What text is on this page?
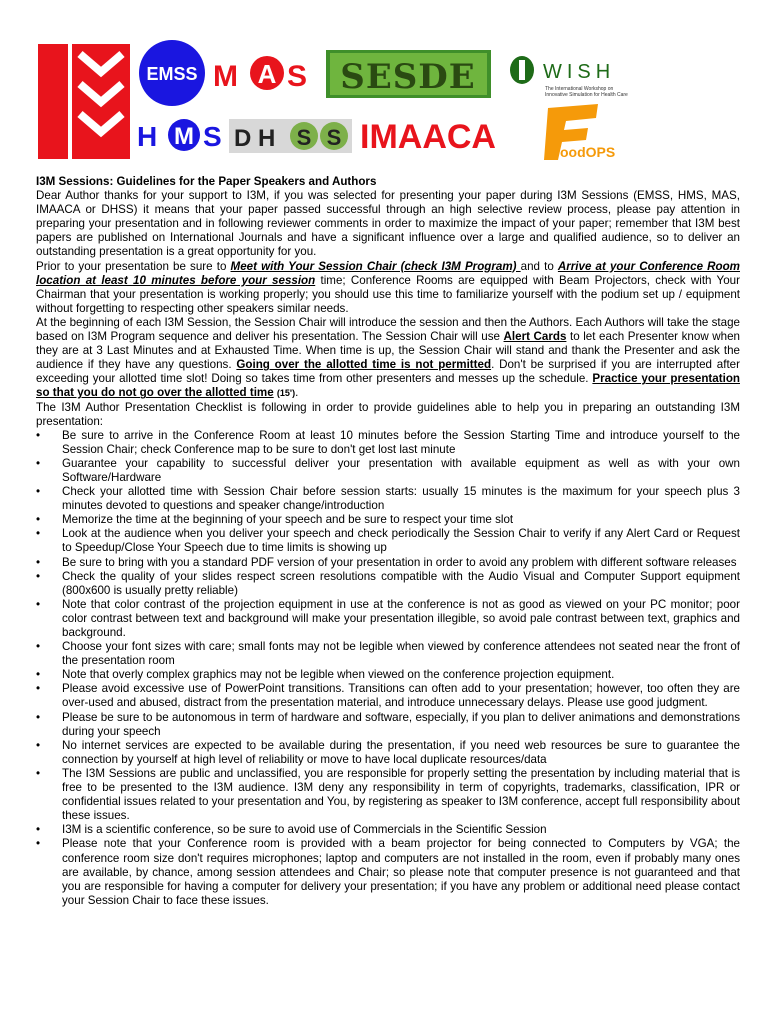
EMSS M A S SESDE	WISH
The International Workshop on
Innovative Simulation for Health Care
H M S D H S S IMAACA	oodOPS

I3M Sessions: Guidelines for the Paper Speakers and Authors

Dear Author thanks for your support to I3M, if you was selected for presenting your paper during I3M Sessions (EMSS, HMS, MAS, IMAACA or DHSS) it means that your paper passed successful through an high selective review process, please pay attention in preparing your presentation and in following reviewer comments in order to maximize the impact of your paper; remember that I3M best papers are published on International Journals and have a significant influence over a large and qualified audience, so to deliver an outstanding presentation is a great opportunity for you.

Prior to your presentation be sure to Meet with Your Session Chair (check I3M Program) and to Arrive at your Conference Room location at least 10 minutes before your session time; Conference Rooms are equipped with Beam Projectors, check with Your Chairman that your presentation is working properly; you should use this time to familiarize yourself with the podium set up / equipment without forgetting to respecting other speakers similar needs.

At the beginning of each I3M Session, the Session Chair will introduce the session and then the Authors. Each Authors will take the stage based on I3M Program sequence and deliver his presentation. The Session Chair will use Alert Cards to let each Presenter know when they are at 3 Last Minutes and at Exhausted Time. When time is up, the Session Chair will stand and thank the Presenter and ask the audience if they have any questions. Going over the allotted time is not permitted. Don't be surprised if you are interrupted after exceeding your allotted time slot! Doing so takes time from other presenters and messes up the schedule. Practice your presentation so that you do not go over the allotted time (15').

The I3M Author Presentation Checklist is following in order to provide guidelines able to help you in preparing an outstanding I3M presentation:

• Be sure to arrive in the Conference Room at least 10 minutes before the Session Starting Time and introduce yourself to the Session Chair; check Conference map to be sure to don't get lost last minute
• Guarantee your capability to successful deliver your presentation with available equipment as well as with your own Software/Hardware
• Check your allotted time with Session Chair before session starts: usually 15 minutes is the maximum for your speech plus 3 minutes devoted to questions and speaker change/introduction
• Memorize the time at the beginning of your speech and be sure to respect your time slot
• Look at the audience when you deliver your speech and check periodically the Session Chair to verify if any Alert Card or Request to Speedup/Close Your Speech due to time limits is showing up
• Be sure to bring with you a standard PDF version of your presentation in order to avoid any problem with different software releases
• Check the quality of your slides respect screen resolutions compatible with the Audio Visual and Computer Support equipment (800x600 is usually pretty reliable)
• Note that color contrast of the projection equipment in use at the conference is not as good as viewed on your PC monitor; poor color contrast between text and background will make your presentation illegible, so avoid pale contrast between text, graphics and background.
• Choose your font sizes with care; small fonts may not be legible when viewed by conference attendees not seated near the front of the presentation room
• Note that overly complex graphics may not be legible when viewed on the conference projection equipment.
• Please avoid excessive use of PowerPoint transitions. Transitions can often add to your presentation; however, too often they are over-used and abused, distract from the presentation material, and introduce unnecessary delays. Please use good judgment.
• Please be sure to be autonomous in term of hardware and software, especially, if you plan to deliver animations and demonstrations during your speech
• No internet services are expected to be available during the presentation, if you need web resources be sure to guarantee the connection by yourself at high level of reliability or move to have local duplicate resources/data
• The I3M Sessions are public and unclassified, you are responsible for properly setting the presentation by including material that is free to be presented to the I3M audience. I3M deny any responsibility in term of copyrights, trademarks, classification, IPR or confidential issues related to your presentation and You, by registering as speaker to I3M conference, accept full responsibility about these issues.
• I3M is a scientific conference, so be sure to avoid use of Commercials in the Scientific Session
• Please note that your Conference room is provided with a beam projector for being connected to Computers by VGA; the conference room size don't requires microphones; laptop and computers are not installed in the room, even if probably many ones are available, by chance, among session attendees and Chair; so please note that computer presence is not guaranteed and that you are responsible for having a computer for delivery your presentation; if you have any problem or additional need please contact your Session Chair to face these issues.
